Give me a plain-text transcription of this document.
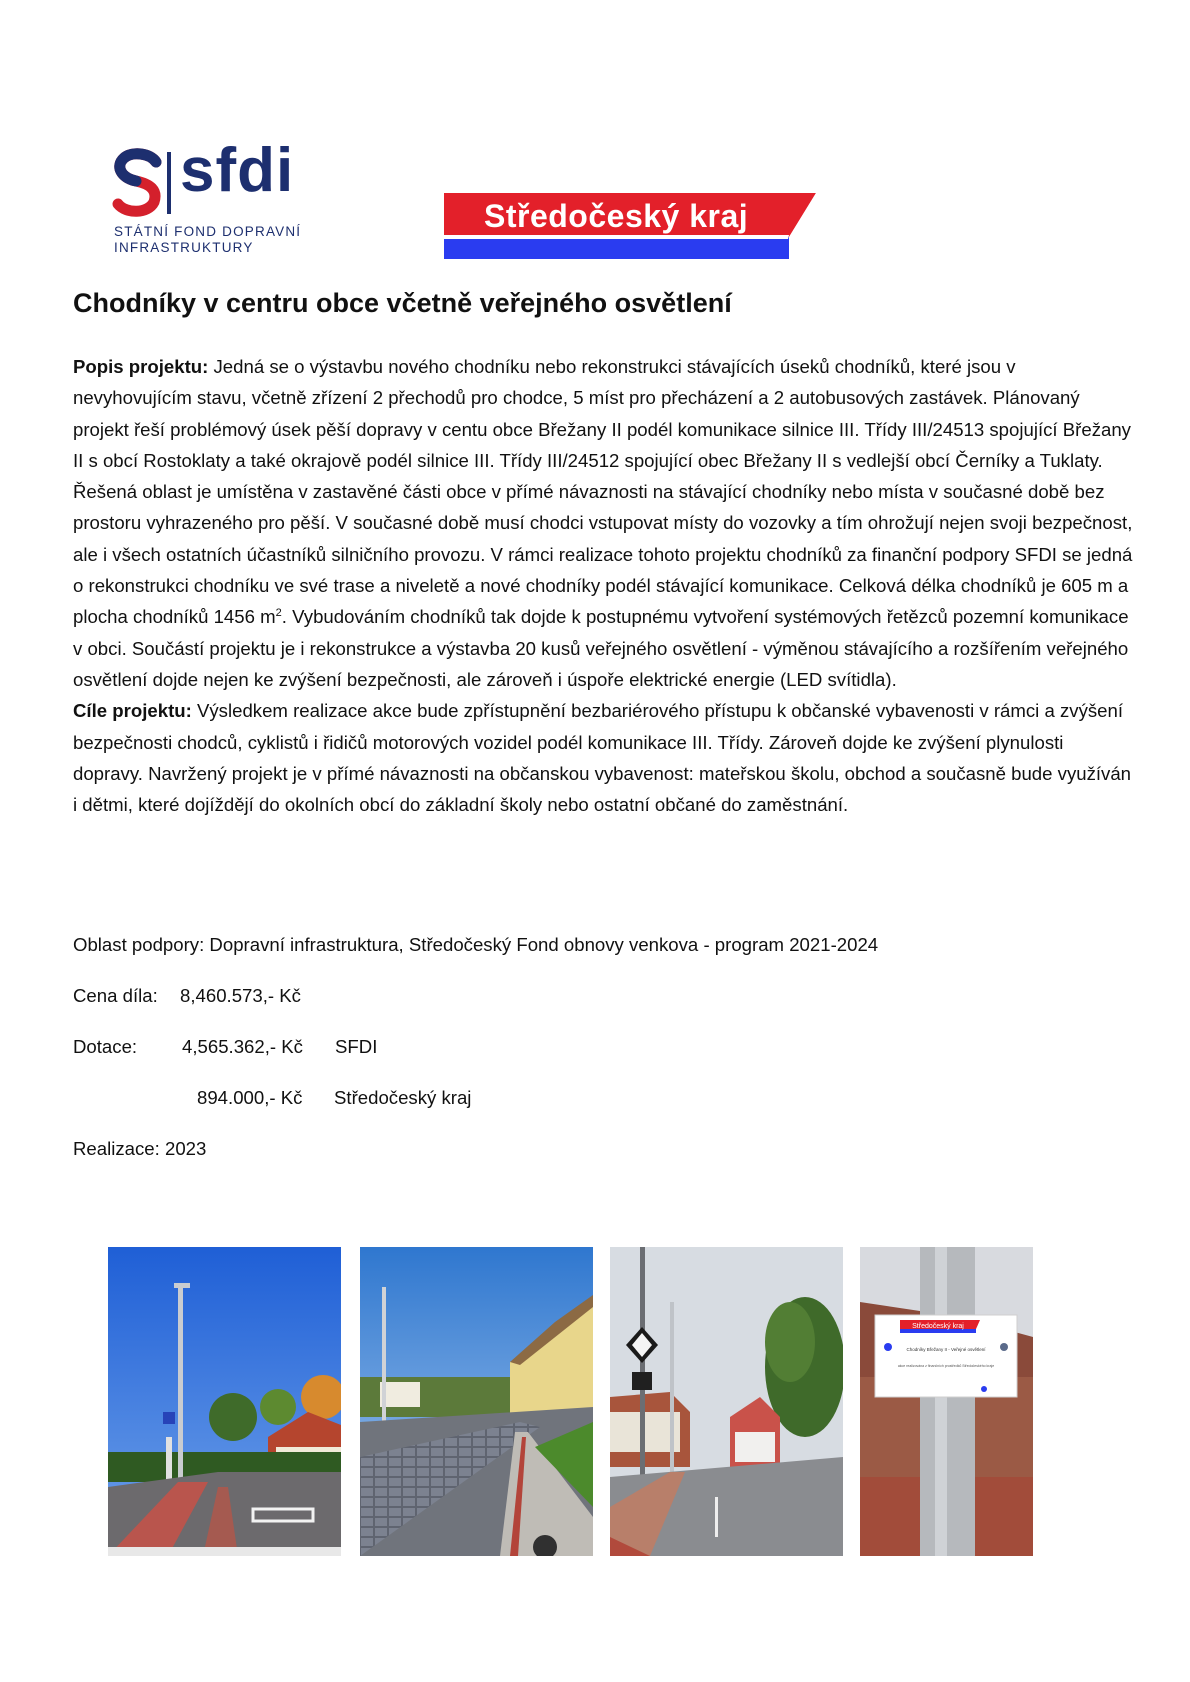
sfdi
STÁTNÍ FOND DOPRAVNÍ
INFRASTRUKTURY
Středočeský kraj
Chodníky v centru obce včetně veřejného osvětlení

Popis projektu: Jedná se o výstavbu nového chodníku nebo rekonstrukci stávajících úseků chodníků, které jsou v nevyhovujícím stavu, včetně zřízení 2 přechodů pro chodce, 5 míst pro přecházení a 2 autobusových zastávek. Plánovaný projekt řeší problémový úsek pěší dopravy v centu obce Břežany II podél komunikace silnice III. Třídy III/24513 spojující Břežany II s obcí Rostoklaty a také okrajově podél silnice III. Třídy III/24512 spojující obec Břežany II s vedlejší obcí Černíky a Tuklaty.

Řešená oblast je umístěna v zastavěné části obce v přímé návaznosti na stávající chodníky nebo místa v současné době bez prostoru vyhrazeného pro pěší. V současné době musí chodci vstupovat místy do vozovky a tím ohrožují nejen svoji bezpečnost, ale i všech ostatních účastníků silničního provozu. V rámci realizace tohoto projektu chodníků za finanční podpory SFDI se jedná o rekonstrukci chodníku ve své trase a niveletě a nové chodníky podél stávající komunikace. Celková délka chodníků je 605 m a plocha chodníků 1456 $m^2$. Vybudováním chodníků tak dojde k postupnému vytvoření systémových řetězců pozemní komunikace v obci. Součástí projektu je i rekonstrukce a výstavba 20 kusů veřejného osvětlení - výměnou stávajícího a rozšířením veřejného osvětlení dojde nejen ke zvýšení bezpečnosti, ale zároveň i úspoře elektrické energie (LED svítidla).

Cíle projektu: Výsledkem realizace akce bude zpřístupnění bezbariérového přístupu k občanské vybavenosti v rámci a zvýšení bezpečnosti chodců, cyklistů i řidičů motorových vozidel podél komunikace III. Třídy. Zároveň dojde ke zvýšení plynulosti dopravy. Navržený projekt je v přímé návaznosti na občanskou vybavenost: mateřskou školu, obchod a současně bude využíván i dětmi, které dojíždějí do okolních obcí do základní školy nebo ostatní občané do zaměstnání.

Oblast podpory: Dopravní infrastruktura, Středočeský Fond obnovy venkova - program 2021-2024
Cena díla: 8,460.573,- Kč
Dotace: 4,565.362,- Kč SFDI
894.000,- Kč Středočeský kraj
Realizace: 2023
Středočeský kraj
Chodníky Břežany II - Veřejné osvětlení
akce realizována z finančních prostředků Středočeského kraje
